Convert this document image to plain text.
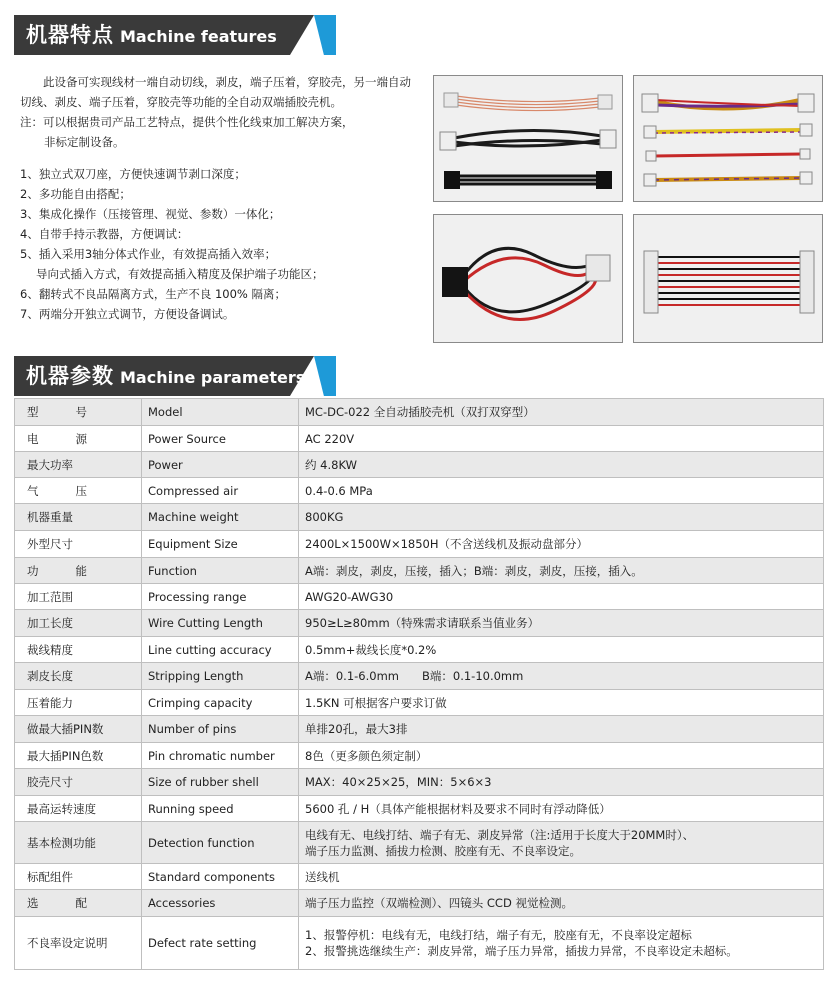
机器特点 Machine features

此设备可实现线材一端自动切线，剥皮，端子压着，穿胶壳，另一端自动切线、剥皮、端子压着，穿胶壳等功能的全自动双端插胶壳机。

注：可以根据贵司产品工艺特点，提供个性化线束加工解决方案，

非标定制设备。

1、独立式双刀座，方便快速调节剥口深度；
2、多功能自由搭配；
3、集成化操作（压接管理、视觉、参数）一体化；
4、自带手持示教器，方便调试：
5、插入采用3轴分体式作业，有效提高插入效率；
导向式插入方式，有效提高插入精度及保护端子功能区；
6、翻转式不良品隔离方式，生产不良 100% 隔离；
7、两端分开独立式调节，方便设备调试。
机器参数 Machine parameters
型　　号	Model	MC-DC-022 全自动插胶壳机（双打双穿型）
电　　源	Power Source	AC 220V
最大功率	Power	约 4.8KW
气　　压	Compressed air	0.4-0.6 MPa
机器重量	Machine weight	800KG
外型尺寸	Equipment Size	2400L×1500W×1850H（不含送线机及振动盘部分）
功　　能	Function	A端：剥皮，剥皮，压接，插入；B端：剥皮，剥皮，压接，插入。
加工范围	Processing range	AWG20-AWG30
加工长度	Wire Cutting Length	950≥L≥80mm（特殊需求请联系当值业务）
裁线精度	Line cutting accuracy	0.5mm+裁线长度*0.2%
剥皮长度	Stripping Length	A端：0.1-6.0mm　　B端：0.1-10.0mm
压着能力	Crimping capacity	1.5KN 可根据客户要求订做
做最大插PIN数	Number of pins	单排20孔，最大3排
最大插PIN色数	Pin chromatic number	8色（更多颜色须定制）
胶壳尺寸	Size of rubber shell	MAX：40×25×25，MIN：5×6×3
最高运转速度	Running speed	5600 孔 / H（具体产能根据材料及要求不同时有浮动降低）
基本检测功能	Detection function	电线有无、电线打结、端子有无、剥皮异常（注:适用于长度大于20MM时）、
端子压力监测、插拔力检测、胶座有无、不良率设定。

标配组件	Standard components	送线机
选　　配	Accessories	端子压力监控（双端检测）、四镜头 CCD 视觉检测。
不良率设定说明	Defect rate setting	1、报警停机：电线有无，电线打结，端子有无，胶座有无，不良率设定超标
2、报警挑选继续生产：剥皮异常，端子压力异常，插拔力异常，不良率设定未超标。
